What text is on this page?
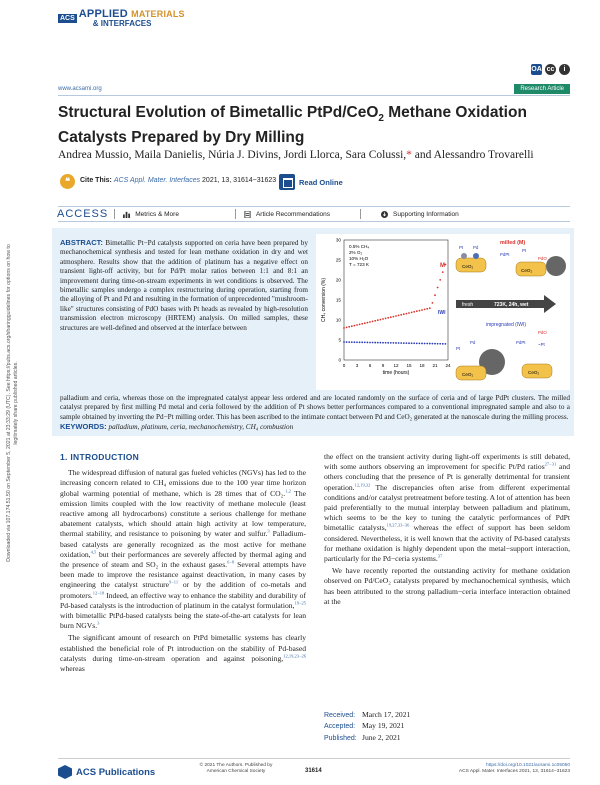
Downloaded via 107.174.51.50 on September 5, 2021 at 23:33:29 (UTC). See https://pubs.acs.org/sharingguidelines for options on how to legitimately share published articles.
ACS APPLIED MATERIALS
& INTERFACES
OA cc	i
www.acsami.org	Research Article
Structural Evolution of Bimetallic PtPd/CeO$_2$ Methane Oxidation Catalysts Prepared by Dry Milling
Andrea Mussio, Maila Danielis, Núria J. Divins, Jordi Llorca, Sara Colussi,* and Alessandro Trovarelli
❝	Cite This: ACS Appl. Mater. Interfaces 2021, 13, 31614−31623	Read Online
ACCESS	Metrics & More	Article Recommendations	Supporting Information

ABSTRACT: Bimetallic Pt−Pd catalysts supported on ceria have been prepared by mechanochemical synthesis and tested for lean methane oxidation in dry and wet atmosphere. Results show that the addition of platinum has a negative effect on transient light-off activity, but for Pd/Pt molar ratios between 1:1 and 8:1 an improvement during time-on-stream experiments in wet conditions is observed. The bimetallic samples undergo a complex restructuring during operation, starting from the alloying of Pt and Pd and resulting in the formation of unprecedented "mushroom-like" structures consisting of PdO bases with Pt heads as revealed by high-resolution transmission electron microscopy (HRTEM) analysis. On milled samples, these structures are well-defined and observed at the interface between

0
5
10
15
20
25
30
0 3 6 9 12 15 18 21 24
CH₄ conversion (%)
time (hours)
0.5% CH₄
2% O₂
10% H₂O
T = 723 K	M
IWI
milled (M)
CeO₂
Pt Pd
CeO₂
PdPt
Pt
PdO
fresh	723K, 24h, wet
impregnated (IWI)
CeO₂
Pt
Pd	PdPt	~Pt
PdO
CeO₂

palladium and ceria, whereas those on the impregnated catalyst appear less ordered and are located randomly on the surface of ceria and of large PdPt clusters. The milled catalyst prepared by first milling Pd metal and ceria followed by the addition of Pt shows better performances compared to a conventional impregnated sample and also to a sample obtained by inverting the Pd−Pt milling order. This has been ascribed to the intimate contact between Pd and CeO₂ generated at the nanoscale during the milling process.

KEYWORDS: palladium, platinum, ceria, mechanochemistry, CH₄ combustion

1. INTRODUCTION

The widespread diffusion of natural gas fueled vehicles (NGVs) has led to the increasing concern related to CH₄ emissions due to the 100 year time horizon global warming potential of methane, which is 28 times that of CO₂.$^{1,2}$ The emission limits coupled with the low reactivity of methane molecule (least reactive among all hydrocarbons) constitute a serious challenge for methane abatement catalysts, which should attain high activity at low temperature, thermal stability, and resistance to poisoning by water and sulfur.$^3$ Palladium-based catalysts are generally recognized as the most active for methane oxidation,$^{4,5}$ but their performances are severely affected by thermal aging and the presence of steam and SO₂ in the exhaust gases.$^{6-8}$ Several attempts have been made to improve the resistance against deactivation, in many cases by engineering the catalyst structure$^{9-11}$ or by the addition of co-metals and promoters.$^{12-18}$ Indeed, an effective way to enhance the stability and durability of Pd-based catalysts is the introduction of platinum in the catalyst formulation,$^{19-25}$ with bimetallic PtPd-based catalysts being the state-of-the-art catalysts for lean burn NGVs.$^3$

The significant amount of research on PtPd bimetallic systems has clearly established the beneficial role of Pt introduction on the stability of Pd-based catalysts during time-on-stream operation and against poisoning,$^{12,19,23-26}$ whereas

the effect on the transient activity during light-off experiments is still debated, with some authors observing an improvement for specific Pt/Pd ratios$^{27-31}$ and others concluding that the presence of Pt is generally detrimental for transient operation.$^{12,19,32}$ The discrepancies often arise from different experimental conditions and/or catalyst pretreatment before testing. A lot of attention has been paid preferentially to the mutual interplay between palladium and platinum, which seems to be the key to tuning the catalytic performances of PdPt bimetallic catalysts,$^{19,27,33-36}$ whereas the effect of support has been seldom considered. Nevertheless, it is well known that the activity of Pd-based catalysts for methane oxidation is highly dependent upon the metal−support interaction, particularly for the Pd−ceria systems.$^{37}$

We have recently reported the outstanding activity for methane oxidation observed on Pd/CeO₂ catalysts prepared by mechanochemical synthesis, which has been attributed to the strong palladium−ceria interface interaction obtained at the

Received: March 17, 2021
Accepted: May 19, 2021
Published: June 2, 2021
ACS Publications
© 2021 The Authors. Published by
American Chemical Society	31614
https://doi.org/10.1021/acsami.1c05050
ACS Appl. Mater. Interfaces 2021, 13, 31614−31623
